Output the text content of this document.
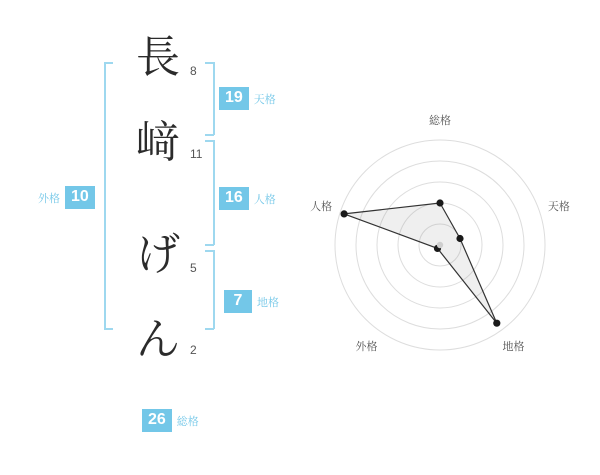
長 8
﨑 11
げ 5
ん 2
19	天格
16	人格
7	地格
外格 10
26	総格
総格
天格
地格
外格
人格
